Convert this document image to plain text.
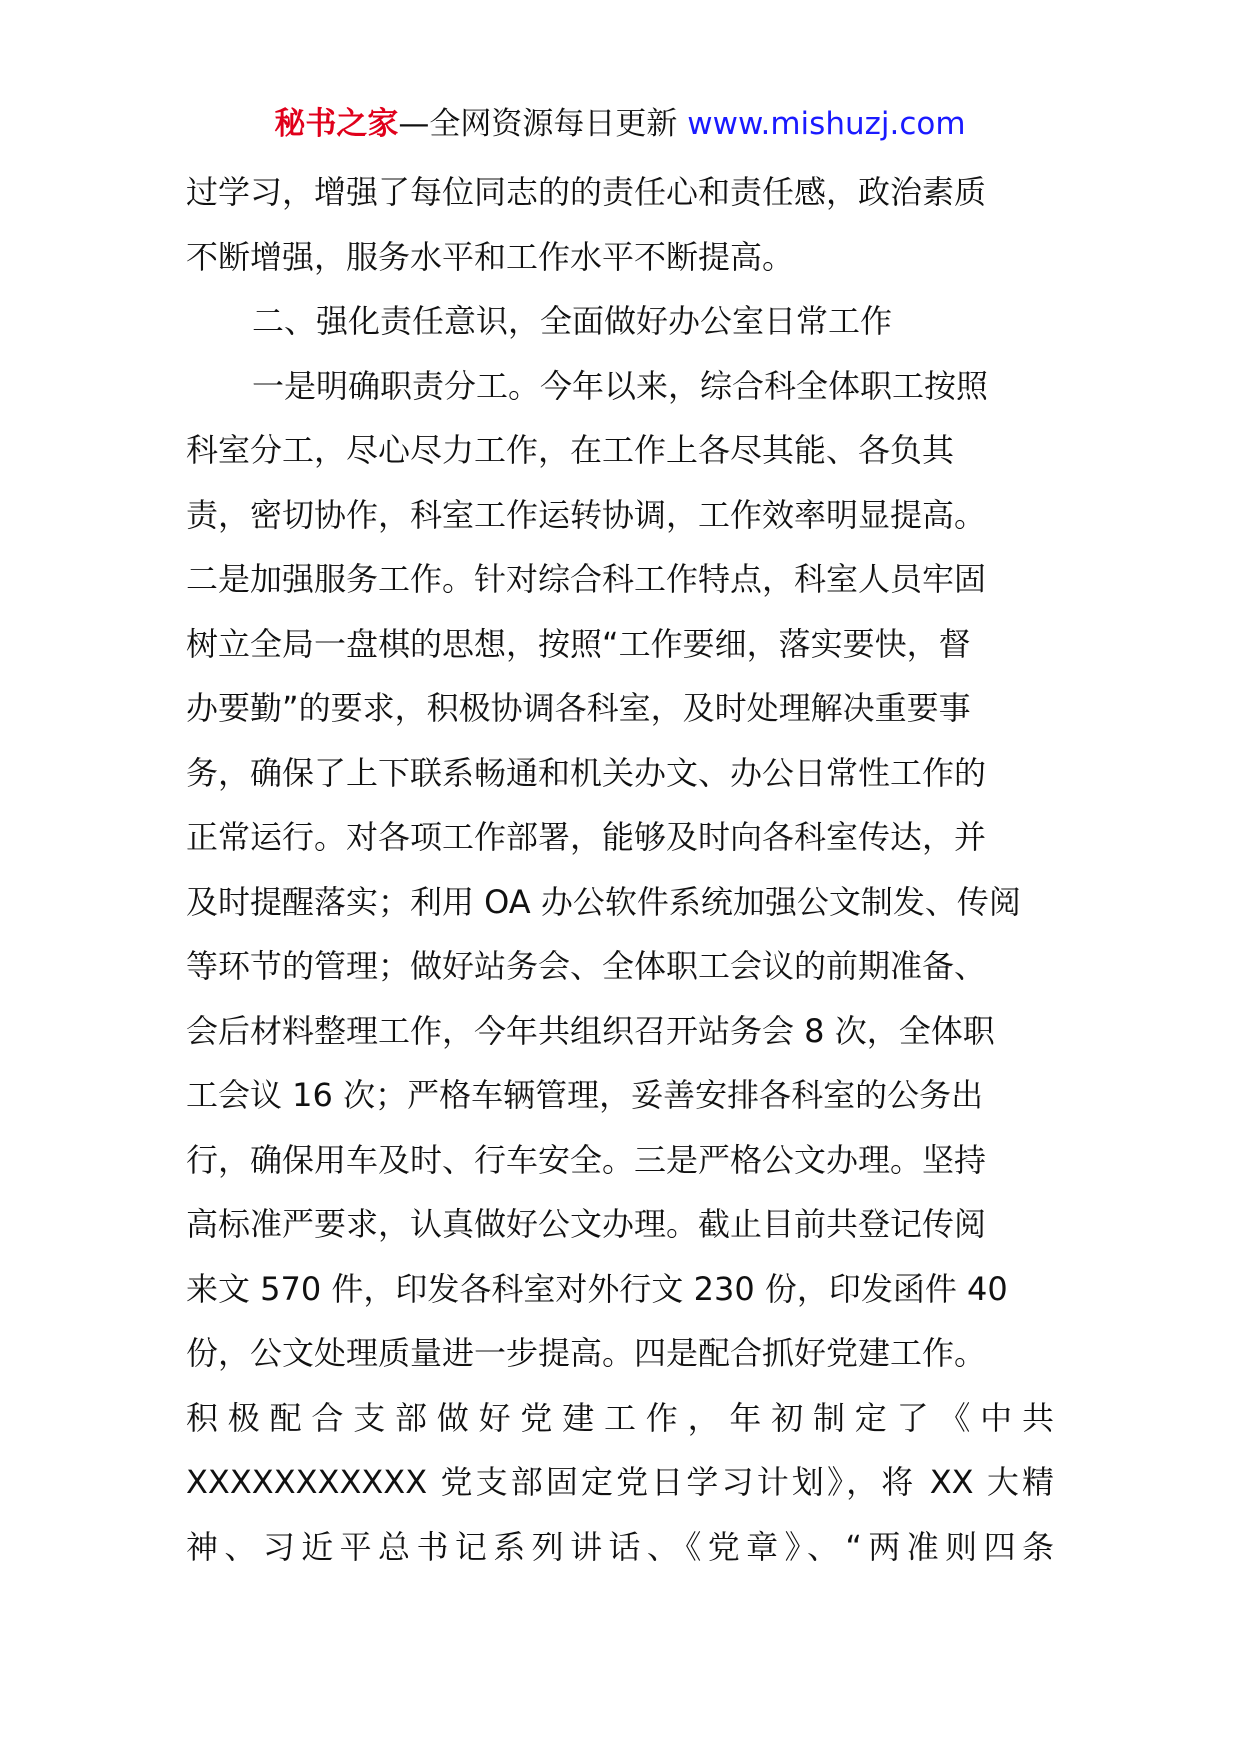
秘书之家—全网资源每日更新 www.mishuzj.com
过学习，增强了每位同志的的责任心和责任感，政治素质
不断增强，服务水平和工作水平不断提高。
二、强化责任意识，全面做好办公室日常工作
一是明确职责分工。今年以来，综合科全体职工按照
科室分工，尽心尽力工作，在工作上各尽其能、各负其
责，密切协作，科室工作运转协调，工作效率明显提高。
二是加强服务工作。针对综合科工作特点，科室人员牢固
树立全局一盘棋的思想，按照“工作要细，落实要快，督
办要勤”的要求，积极协调各科室，及时处理解决重要事
务，确保了上下联系畅通和机关办文、办公日常性工作的
正常运行。对各项工作部署，能够及时向各科室传达，并
及时提醒落实；利用 OA 办公软件系统加强公文制发、传阅
等环节的管理；做好站务会、全体职工会议的前期准备、
会后材料整理工作，今年共组织召开站务会 8 次，全体职
工会议 16 次；严格车辆管理，妥善安排各科室的公务出
行，确保用车及时、行车安全。三是严格公文办理。坚持
高标准严要求，认真做好公文办理。截止目前共登记传阅
来文 570 件，印发各科室对外行文 230 份，印发函件 40
份，公文处理质量进一步提高。四是配合抓好党建工作。
积极配合支部做好党建工作，年初制定了《中共
XXXXXXXXXXX 党支部固定党日学习计划》，将 XX 大精
神、习近平总书记系列讲话、《党章》、“两准则四条
